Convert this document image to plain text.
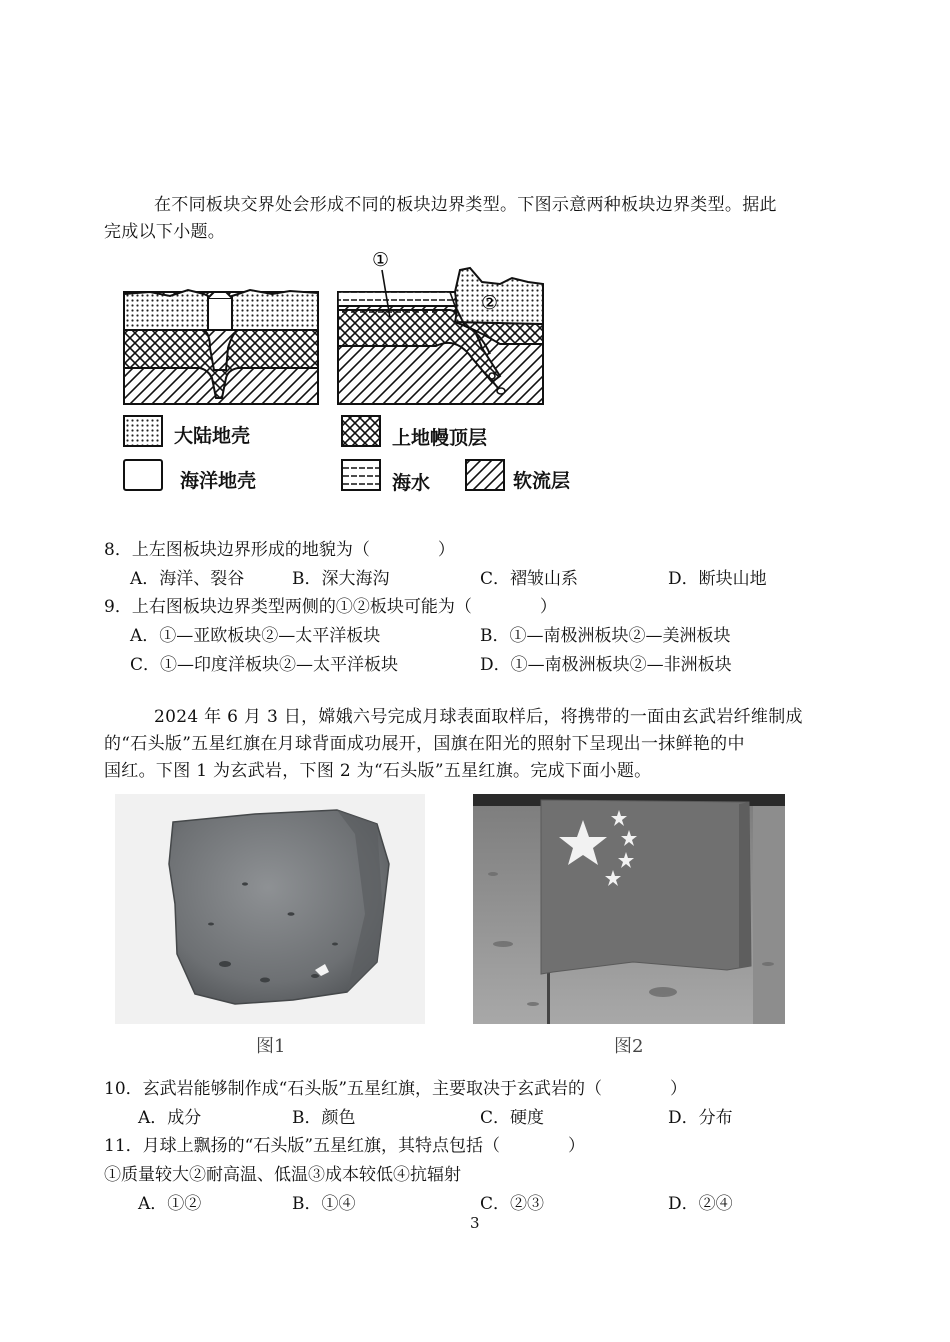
在不同板块交界处会形成不同的板块边界类型。下图示意两种板块边界类型。据此
完成以下小题。
①
②
大陆地壳
海洋地壳
上地幔顶层
海水	软流层
8．上左图板块边界形成的地貌为（　　　　）
A．海洋、裂谷	B．深大海沟	C．褶皱山系	D．断块山地
9．上右图板块边界类型两侧的①②板块可能为（　　　　）
A．①—亚欧板块②—太平洋板块	B．①—南极洲板块②—美洲板块
C．①—印度洋板块②—太平洋板块	D．①—南极洲板块②—非洲板块
2024 年 6 月 3 日，嫦娥六号完成月球表面取样后，将携带的一面由玄武岩纤维制成
的“石头版”五星红旗在月球背面成功展开，国旗在阳光的照射下呈现出一抹鲜艳的中
国红。下图 1 为玄武岩，下图 2 为“石头版”五星红旗。完成下面小题。
图1	图2
10．玄武岩能够制作成“石头版”五星红旗，主要取决于玄武岩的（　　　　）
A．成分	B．颜色	C．硬度	D．分布
11．月球上飘扬的“石头版”五星红旗，其特点包括（　　　　）
①质量较大②耐高温、低温③成本较低④抗辐射
A．①②	B．①④	C．②③	D．②④
3
